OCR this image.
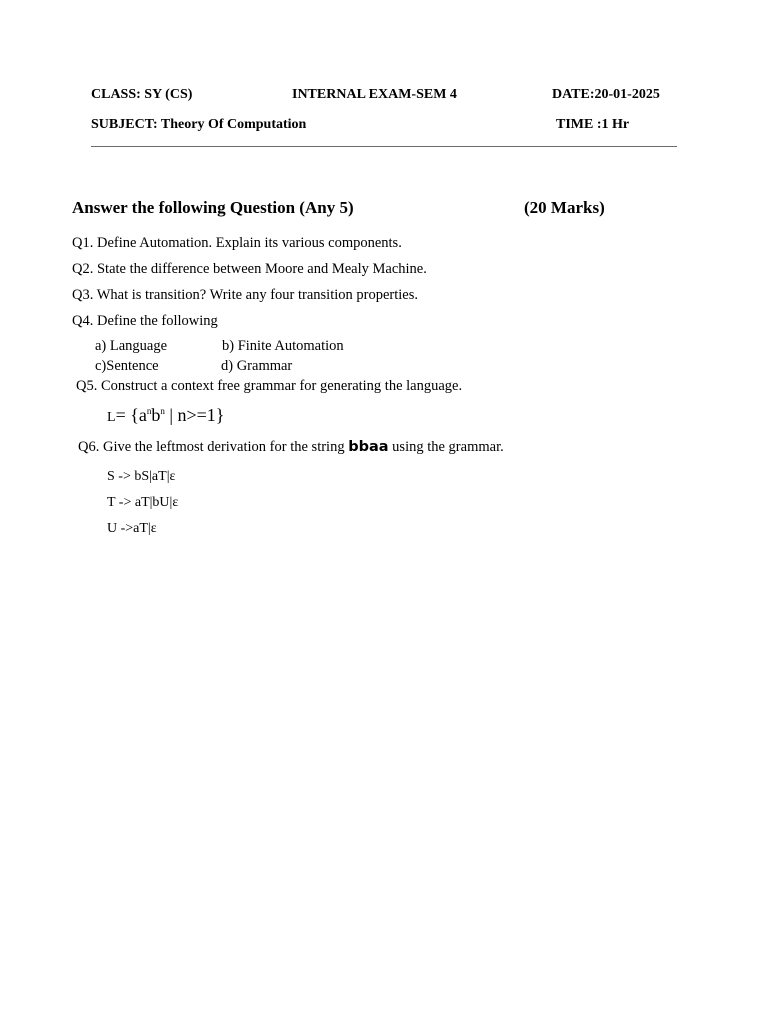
CLASS: SY (CS)	INTERNAL EXAM-SEM 4	DATE:20-01-2025
SUBJECT: Theory Of Computation	TIME :1 Hr
Answer the following Question (Any 5)	(20 Marks)
Q1. Define Automation. Explain its various components.
Q2. State the difference between Moore and Mealy Machine.
Q3. What is transition? Write any four transition properties.
Q4. Define the following
a) Language	b) Finite Automation
c)Sentence	d) Grammar
Q5. Construct a context free grammar for generating the language.
$L= \{a^nb^n$ | n>=1}
Q6. Give the leftmost derivation for the string bbaa using the grammar.
S -> bS|aT|ε
T -> aT|bU|ε
U ->aT|ε
